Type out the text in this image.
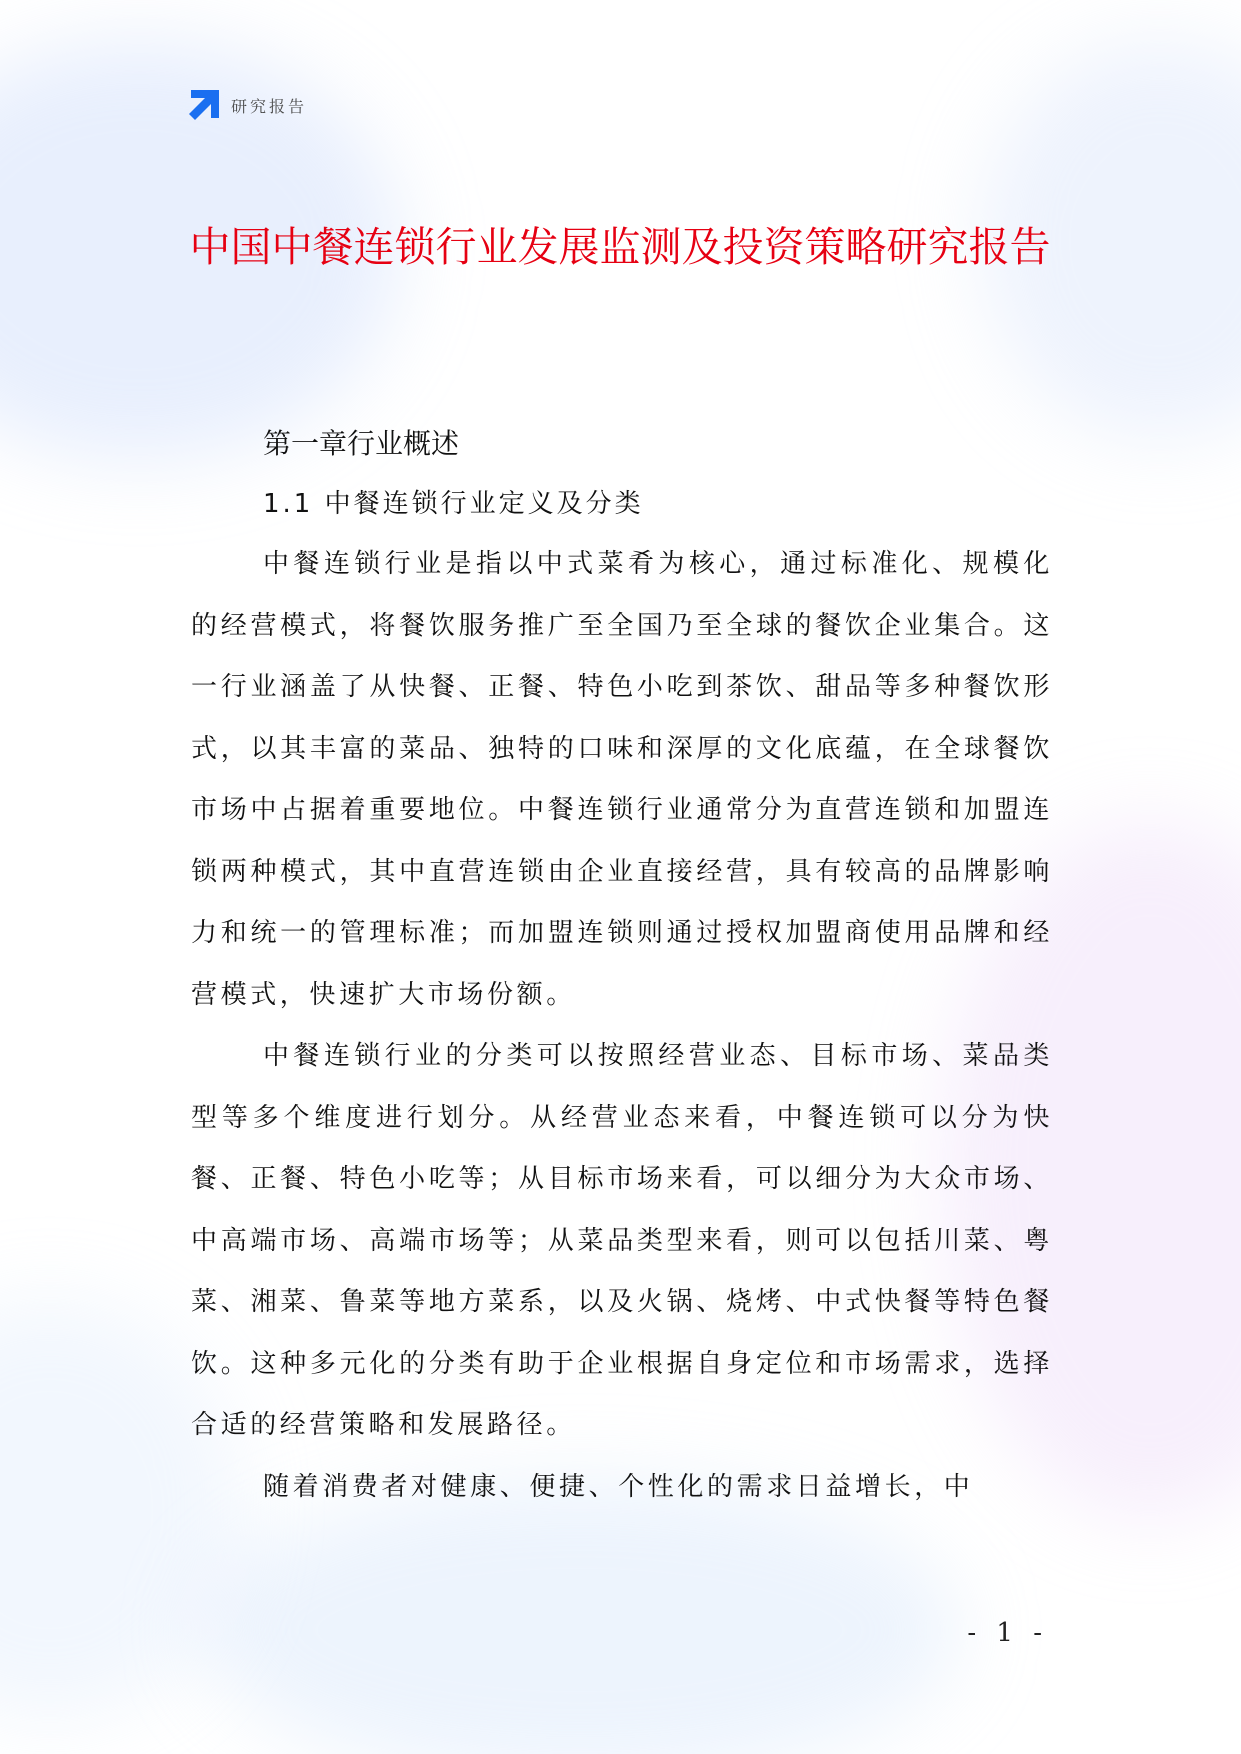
研究报告
中国中餐连锁行业发展监测及投资策略研究报告
第一章行业概述
1.1 中餐连锁行业定义及分类

中餐连锁行业是指以中式菜肴为核心，通过标准化、规模化的经营模式，将餐饮服务推广至全国乃至全球的餐饮企业集合。这一行业涵盖了从快餐、正餐、特色小吃到茶饮、甜品等多种餐饮形式，以其丰富的菜品、独特的口味和深厚的文化底蕴，在全球餐饮市场中占据着重要地位。中餐连锁行业通常分为直营连锁和加盟连锁两种模式，其中直营连锁由企业直接经营，具有较高的品牌影响力和统一的管理标准；而加盟连锁则通过授权加盟商使用品牌和经营模式，快速扩大市场份额。

中餐连锁行业的分类可以按照经营业态、目标市场、菜品类型等多个维度进行划分。从经营业态来看，中餐连锁可以分为快餐、正餐、特色小吃等；从目标市场来看，可以细分为大众市场、中高端市场、高端市场等；从菜品类型来看，则可以包括川菜、粤菜、湘菜、鲁菜等地方菜系，以及火锅、烧烤、中式快餐等特色餐饮。这种多元化的分类有助于企业根据自身定位和市场需求，选择合适的经营策略和发展路径。

随着消费者对健康、便捷、个性化的需求日益增长，中

- 1 -
